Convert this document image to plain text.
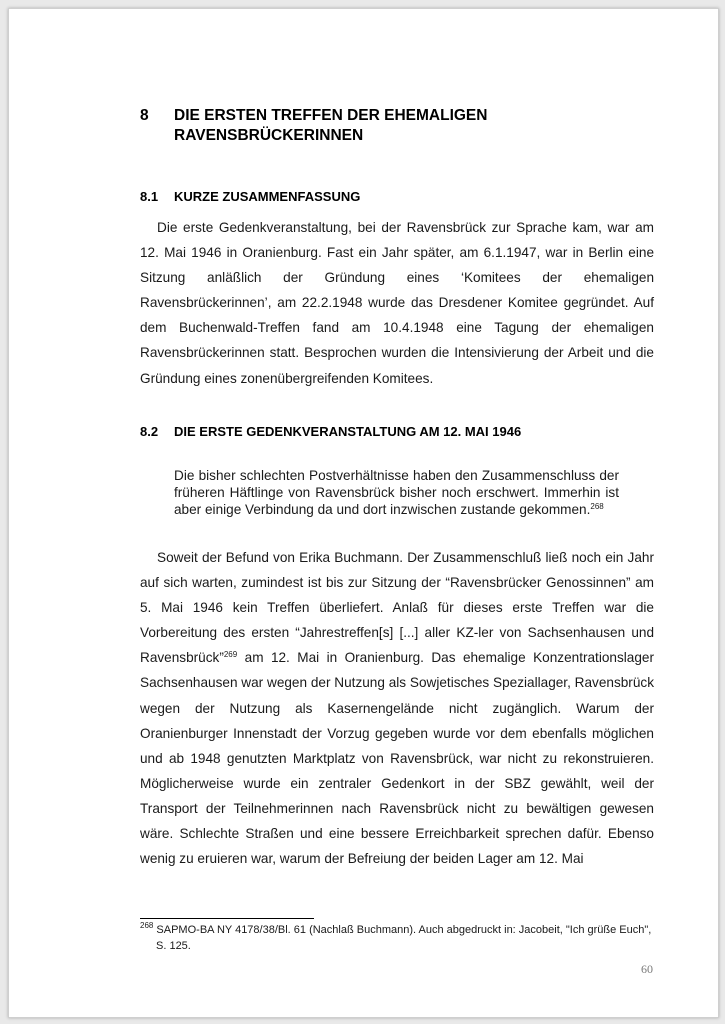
8 DIE ERSTEN TREFFEN DER EHEMALIGEN RAVENSBRÜCKERINNEN
8.1 KURZE ZUSAMMENFASSUNG

Die erste Gedenkveranstaltung, bei der Ravensbrück zur Sprache kam, war am 12. Mai 1946 in Oranienburg. Fast ein Jahr später, am 6.1.1947, war in Berlin eine Sitzung anläßlich der Gründung eines ‘Komitees der ehemaligen Ravensbrückerinnen’, am 22.2.1948 wurde das Dresdener Komitee gegründet. Auf dem Buchenwald-Treffen fand am 10.4.1948 eine Tagung der ehemaligen Ravensbrückerinnen statt. Besprochen wurden die Intensivierung der Arbeit und die Gründung eines zonenübergreifenden Komitees.

8.2 DIE ERSTE GEDENKVERANSTALTUNG AM 12. MAI 1946

Die bisher schlechten Postverhältnisse haben den Zusammenschluss der früheren Häftlinge von Ravensbrück bisher noch erschwert. Immerhin ist aber einige Verbindung da und dort inzwischen zustande gekommen.$^{268}$

Soweit der Befund von Erika Buchmann. Der Zusammenschluß ließ noch ein Jahr auf sich warten, zumindest ist bis zur Sitzung der “Ravensbrücker Genossinnen” am 5. Mai 1946 kein Treffen überliefert. Anlaß für dieses erste Treffen war die Vorbereitung des ersten “Jahrestreffen[s] [...] aller KZ-ler von Sachsenhausen und Ravensbrück”$^{269}$ am 12. Mai in Oranienburg. Das ehemalige Konzentrationslager Sachsenhausen war wegen der Nutzung als Sowjetisches Speziallager, Ravensbrück wegen der Nutzung als Kasernengelände nicht zugänglich. Warum der Oranienburger Innenstadt der Vorzug gegeben wurde vor dem ebenfalls möglichen und ab 1948 genutzten Marktplatz von Ravensbrück, war nicht zu rekonstruieren. Möglicherweise wurde ein zentraler Gedenkort in der SBZ gewählt, weil der Transport der Teilnehmerinnen nach Ravensbrück nicht zu bewältigen gewesen wäre. Schlechte Straßen und eine bessere Erreichbarkeit sprechen dafür. Ebenso wenig zu eruieren war, warum der Befreiung der beiden Lager am 12. Mai

$^{268}$ SAPMO-BA NY 4178/38/Bl. 61 (Nachlaß Buchmann). Auch abgedruckt in: Jacobeit, "Ich grüße Euch", S. 125.

60
